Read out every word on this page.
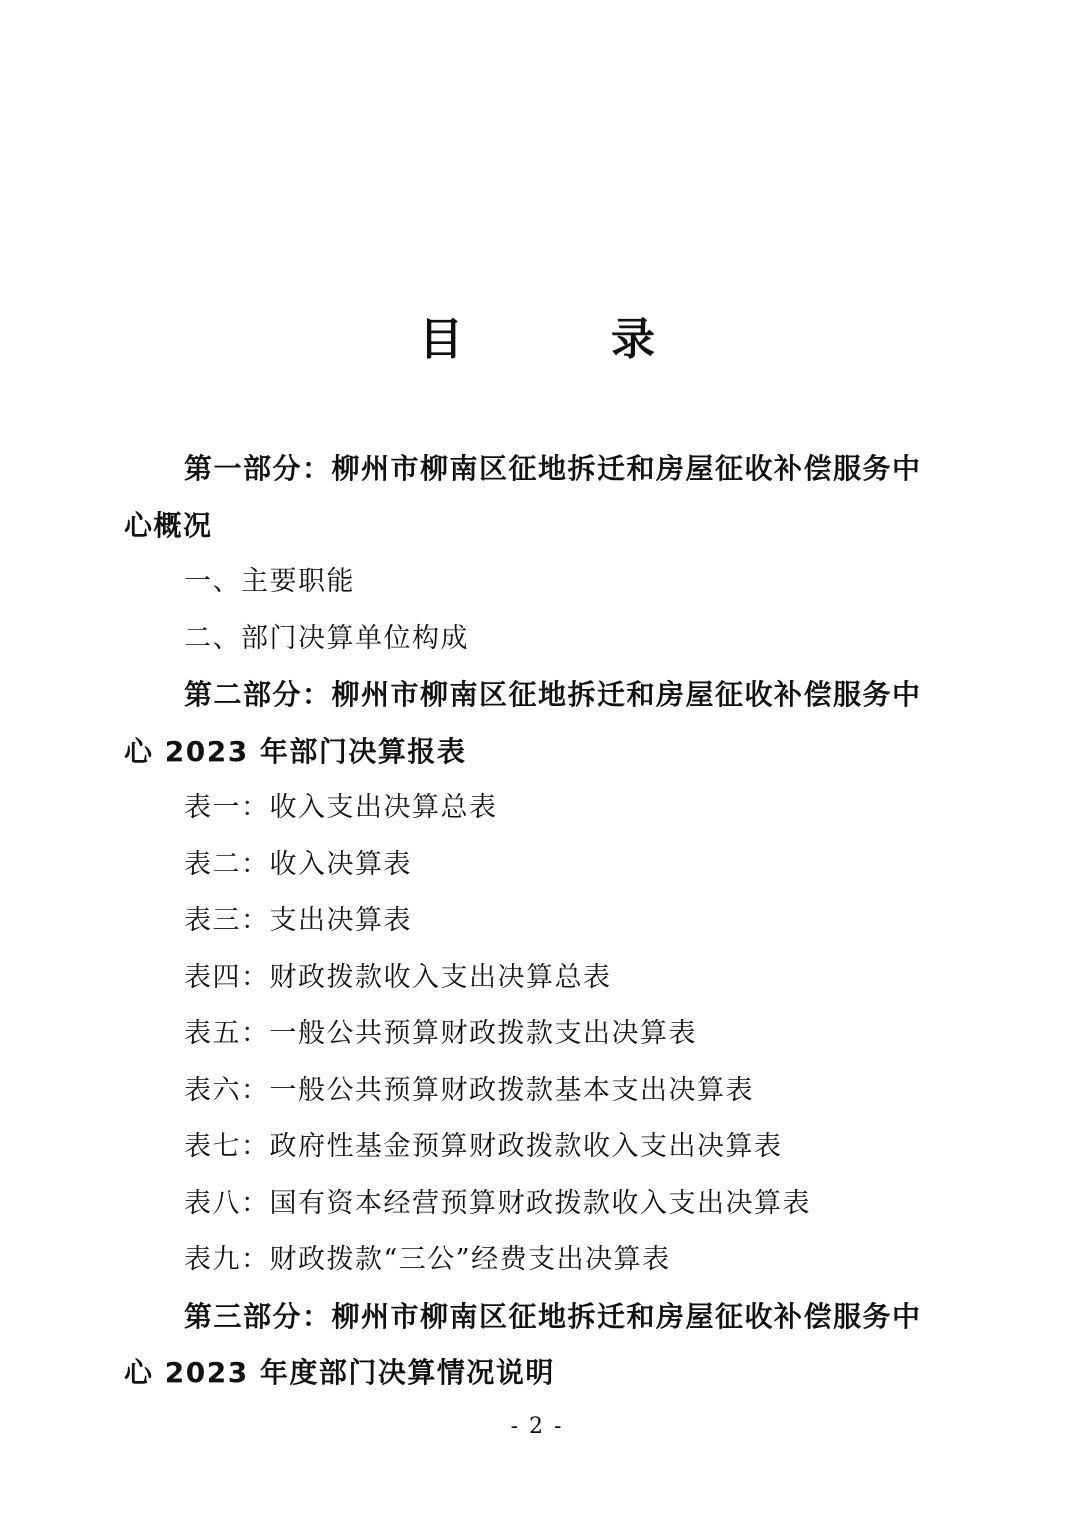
目　录
第一部分：柳州市柳南区征地拆迁和房屋征收补偿服务中
心概况
一、主要职能
二、部门决算单位构成
第二部分：柳州市柳南区征地拆迁和房屋征收补偿服务中
心 2023 年部门决算报表
表一：收入支出决算总表
表二：收入决算表
表三：支出决算表
表四：财政拨款收入支出决算总表
表五：一般公共预算财政拨款支出决算表
表六：一般公共预算财政拨款基本支出决算表
表七：政府性基金预算财政拨款收入支出决算表
表八：国有资本经营预算财政拨款收入支出决算表
表九：财政拨款“三公”经费支出决算表
第三部分：柳州市柳南区征地拆迁和房屋征收补偿服务中
心 2023 年度部门决算情况说明
- 2 -
